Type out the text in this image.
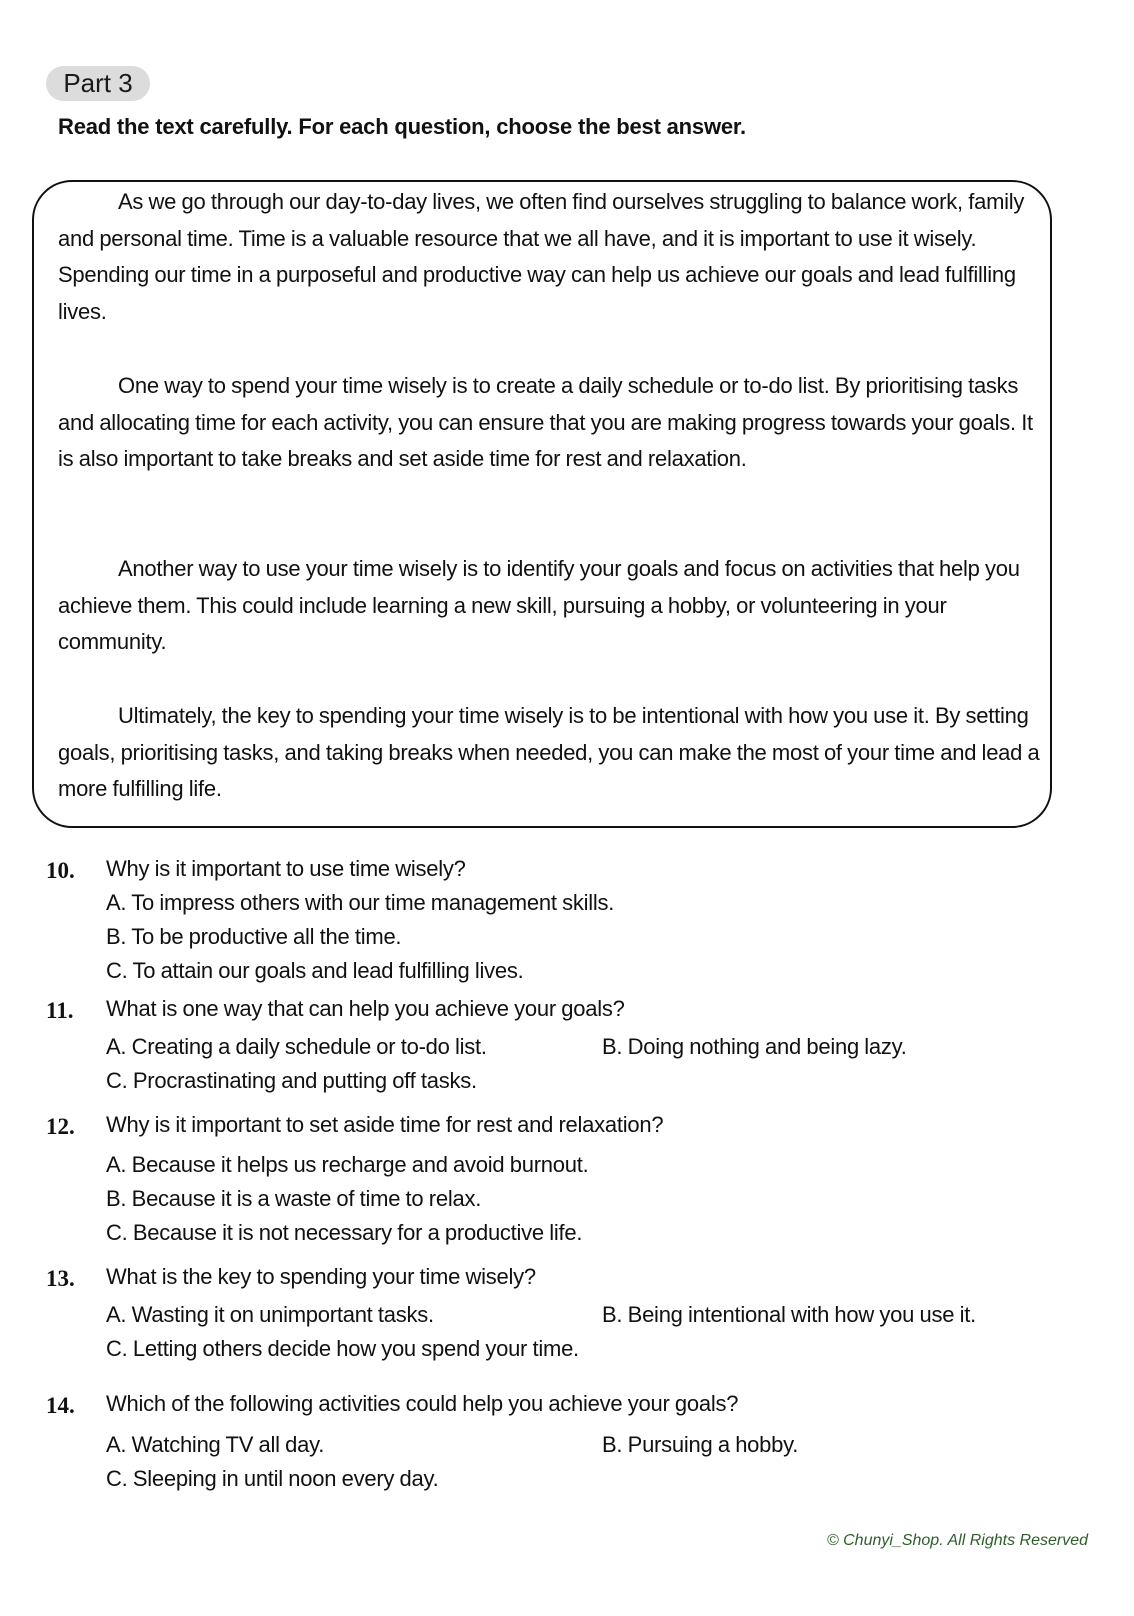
Part 3
Read the text carefully. For each question, choose the best answer.
As we go through our day-to-day lives, we often find ourselves struggling to balance work, family and personal time. Time is a valuable resource that we all have, and it is important to use it wisely. Spending our time in a purposeful and productive way can help us achieve our goals and lead fulfilling lives.
One way to spend your time wisely is to create a daily schedule or to-do list. By prioritising tasks and allocating time for each activity, you can ensure that you are making progress towards your goals. It is also important to take breaks and set aside time for rest and relaxation.
Another way to use your time wisely is to identify your goals and focus on activities that help you achieve them. This could include learning a new skill, pursuing a hobby, or volunteering in your community.
Ultimately, the key to spending your time wisely is to be intentional with how you use it. By setting goals, prioritising tasks, and taking breaks when needed, you can make the most of your time and lead a more fulfilling life.
10. Why is it important to use time wisely?
A. To impress others with our time management skills.
B. To be productive all the time.
C. To attain our goals and lead fulfilling lives.
11. What is one way that can help you achieve your goals?
A. Creating a daily schedule or to-do list.	B. Doing nothing and being lazy.
C. Procrastinating and putting off tasks.
12. Why is it important to set aside time for rest and relaxation?
A. Because it helps us recharge and avoid burnout.
B. Because it is a waste of time to relax.
C. Because it is not necessary for a productive life.
13. What is the key to spending your time wisely?
A. Wasting it on unimportant tasks.	B. Being intentional with how you use it.
C. Letting others decide how you spend your time.
14. Which of the following activities could help you achieve your goals?
A. Watching TV all day.	B. Pursuing a hobby.
C. Sleeping in until noon every day.
© Chunyi_Shop. All Rights Reserved
